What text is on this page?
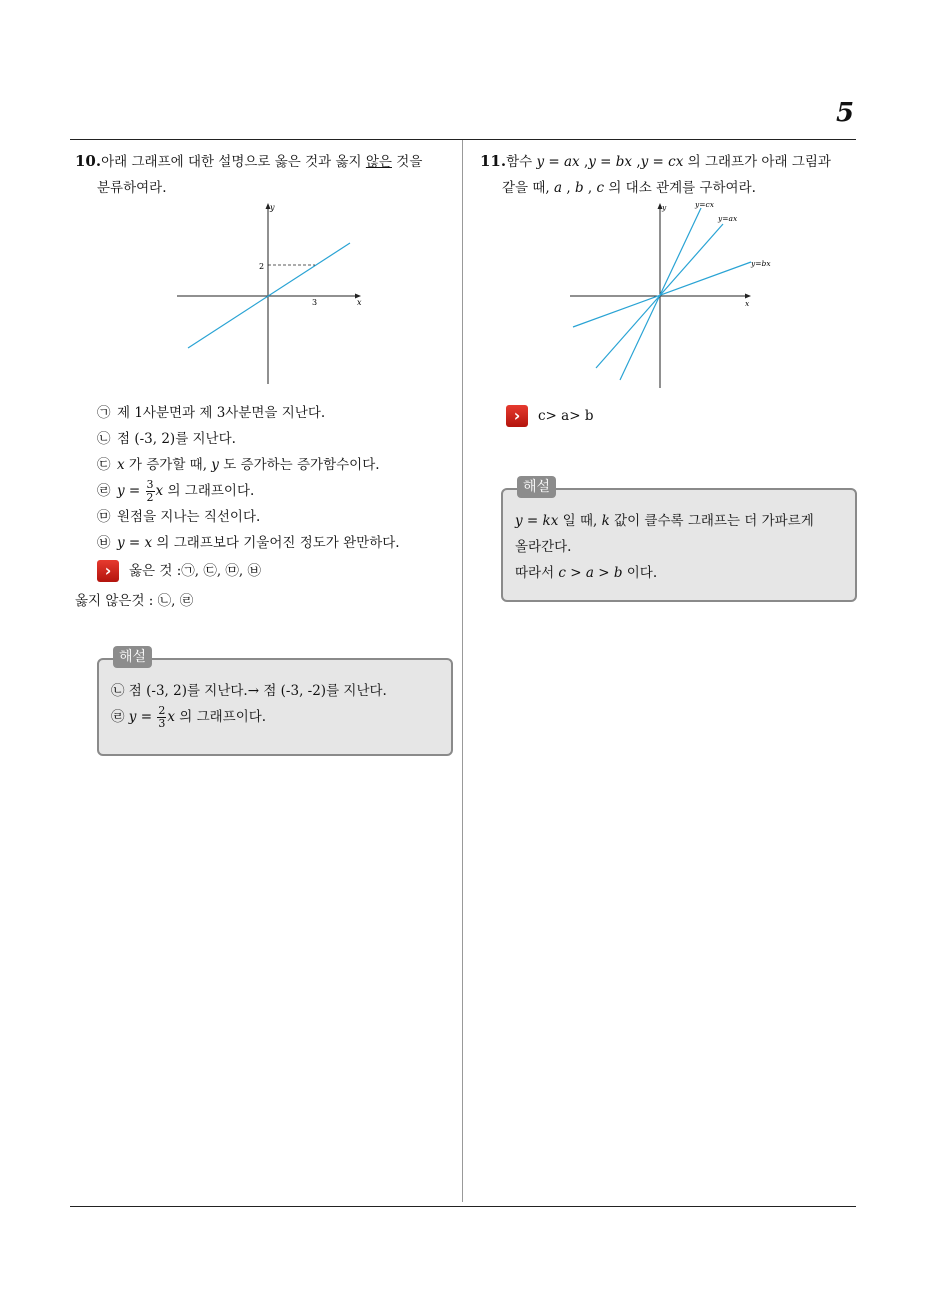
5
10.아래 그래프에 대한 설명으로 옳은 것과 옳지 않은 것을
분류하여라.
y
x
2
3
㉠ 제 1사분면과 제 3사분면을 지난다.
㉡ 점 (-3, 2)를 지난다.
㉢ x 가 증가할 때, y 도 증가하는 증가함수이다.
㉣ $y = \frac{3}{2}$ x 의 그래프이다.
㉤ 원점을 지나는 직선이다.
㉥ y = x 의 그래프보다 기울어진 정도가 완만하다.
›	옳은 것 :㉠, ㉢, ㉤, ㉥
옳지 않은것 : ㉡, ㉣
해설
㉡ 점 (-3, 2)를 지난다.→ 점 (-3, -2)를 지난다.
㉣ $y = \frac{2}{3}$ x 의 그래프이다.
11.함수 y = ax ,y = bx ,y = cx 의 그래프가 아래 그림과
같을 때, a , b , c 의 대소 관계를 구하여라.
y
x
y=cx
y=ax
y=bx
›	c> a> b
해설
y = kx 일 때, k 값이 클수록 그래프는 더 가파르게
올라간다.
따라서 c > a > b 이다.
